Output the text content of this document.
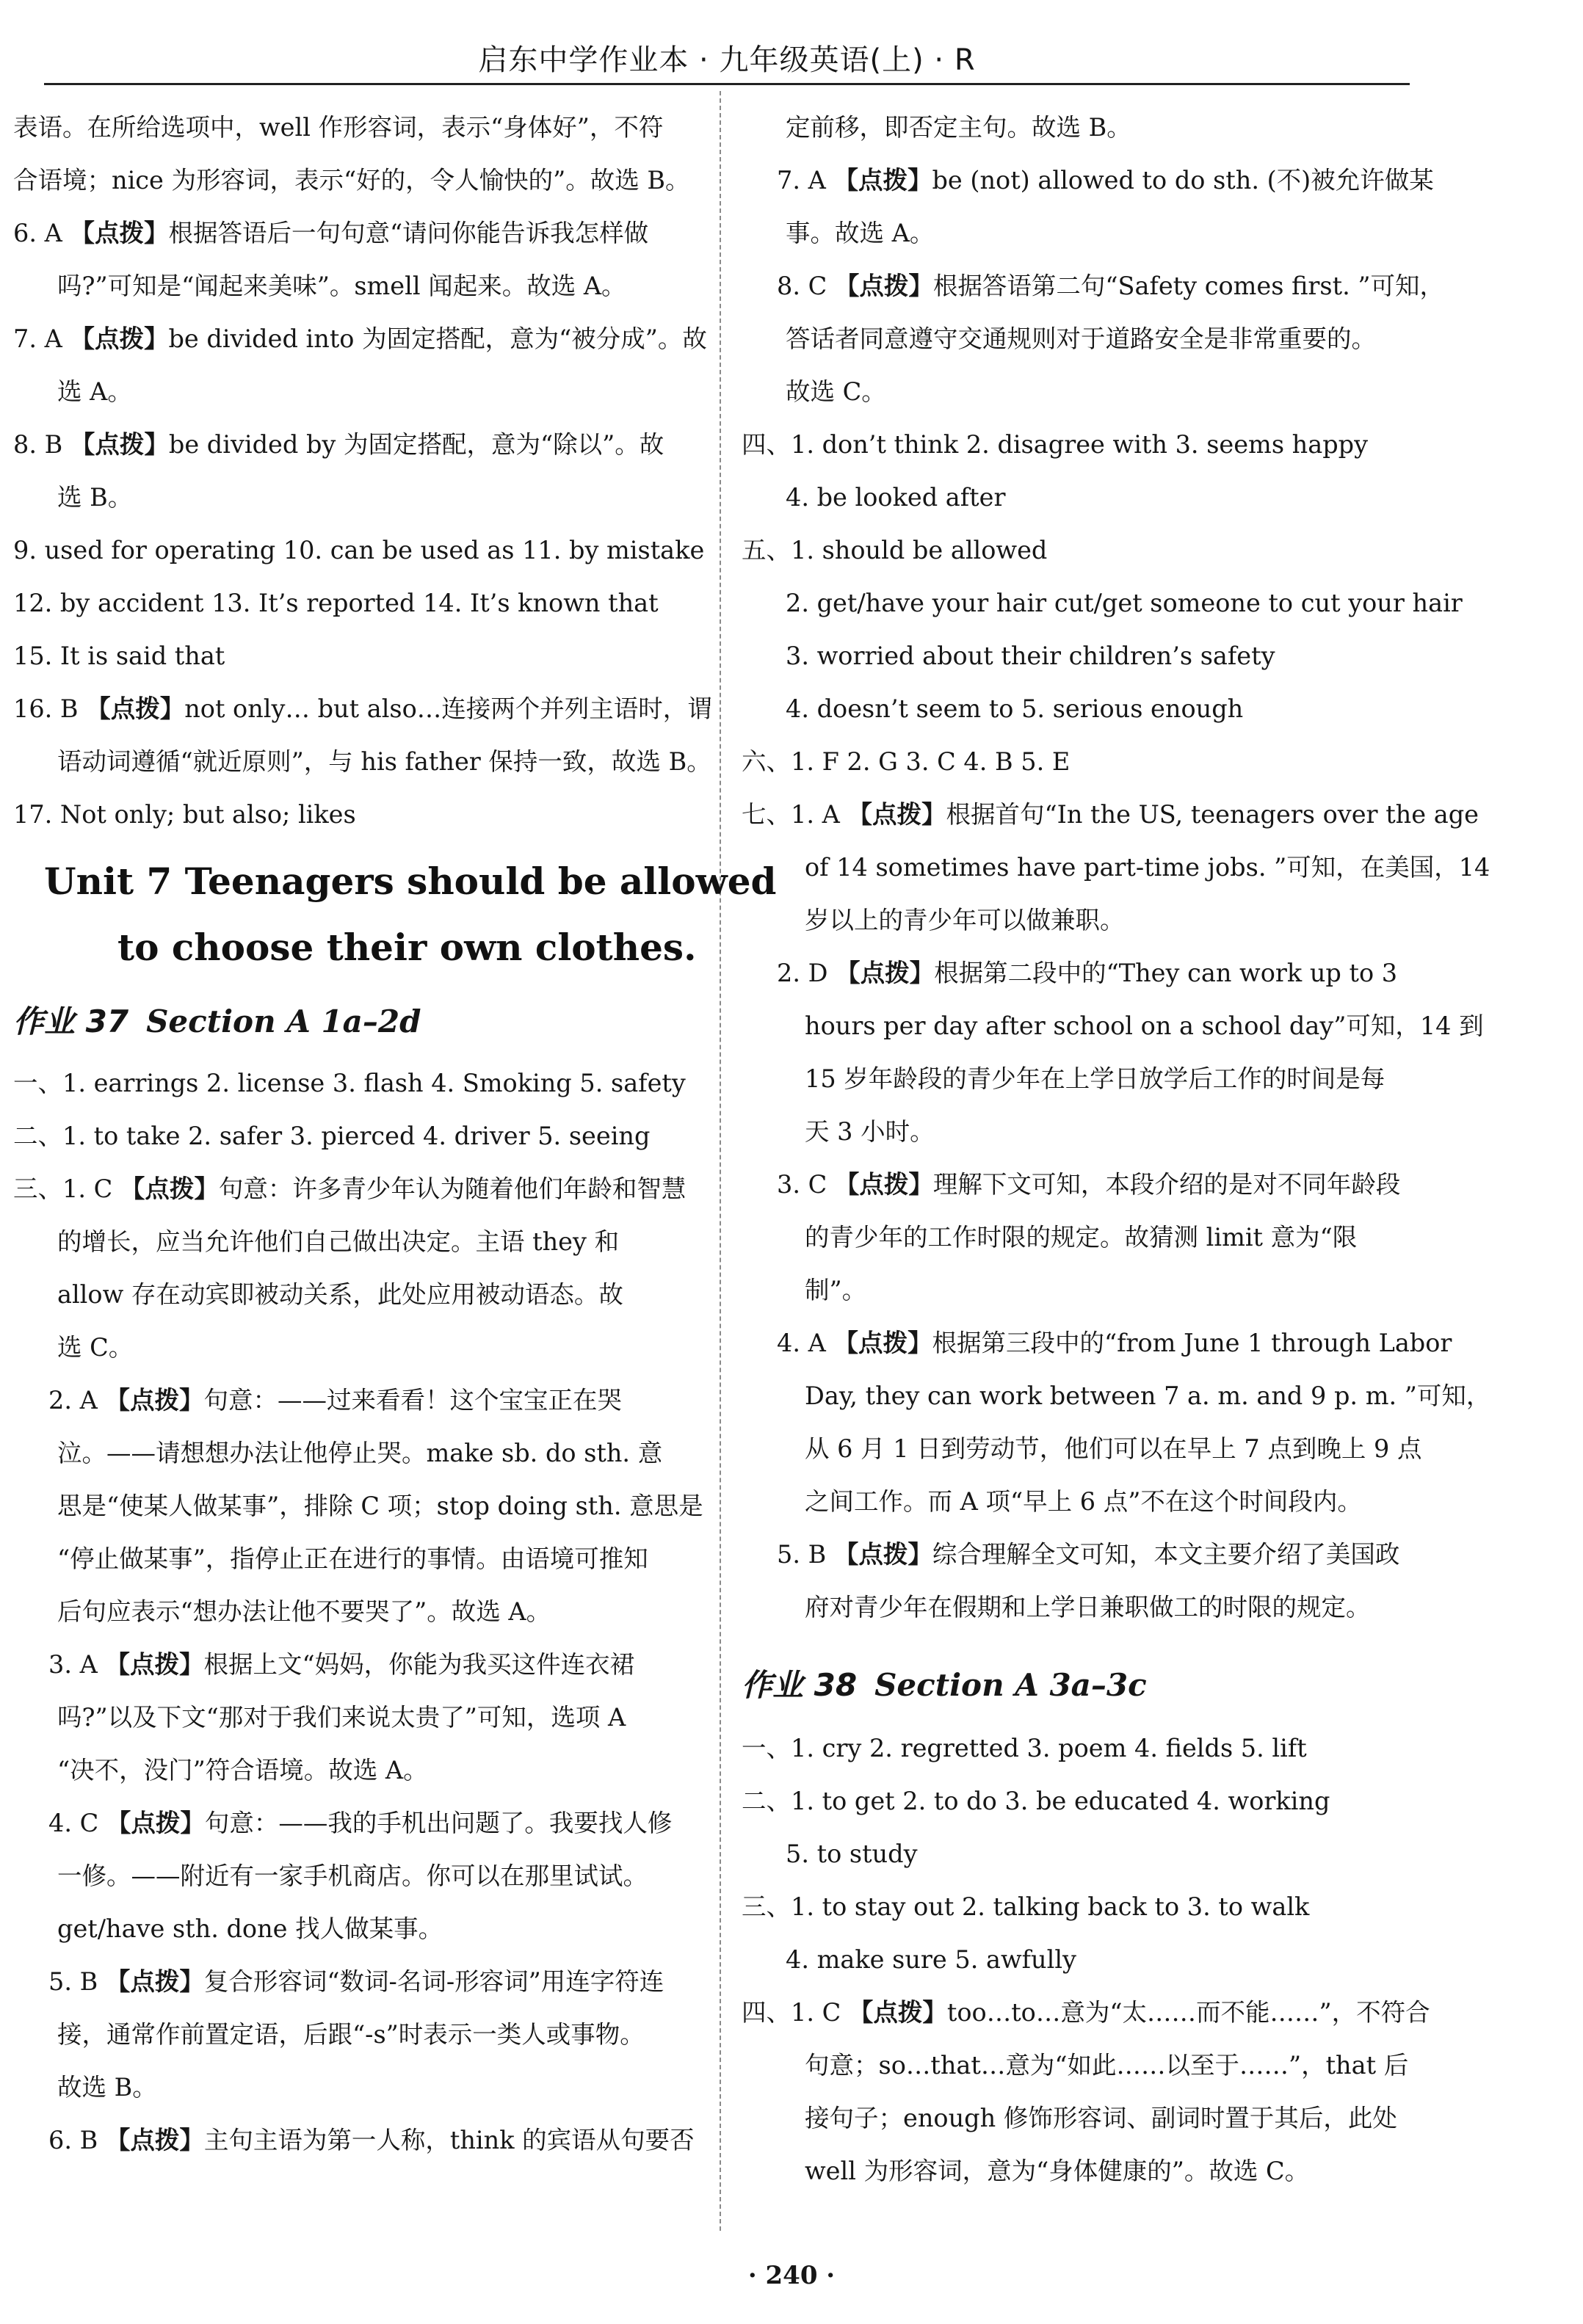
启东中学作业本 · 九年级英语(上) · R
表语。在所给选项中，well 作形容词，表示“身体好”，不符
合语境；nice 为形容词，表示“好的，令人愉快的”。故选 B。
6. A 【点拨】根据答语后一句句意“请问你能告诉我怎样做
吗?”可知是“闻起来美味”。smell 闻起来。故选 A。
7. A 【点拨】be divided into 为固定搭配，意为“被分成”。故
选 A。
8. B 【点拨】be divided by 为固定搭配，意为“除以”。故
选 B。
9. used for operating 10. can be used as 11. by mistake
12. by accident 13. It’s reported 14. It’s known that
15. It is said that
16. B 【点拨】not only… but also…连接两个并列主语时，谓
语动词遵循“就近原则”，与 his father 保持一致，故选 B。
17. Not only; but also; likes
Unit 7 Teenagers should be allowed
to choose their own clothes.
作业 37 Section A 1a–2d
一、1. earrings 2. license 3. flash 4. Smoking 5. safety
二、1. to take 2. safer 3. pierced 4. driver 5. seeing
三、1. C 【点拨】句意：许多青少年认为随着他们年龄和智慧
的增长，应当允许他们自己做出决定。主语 they 和
allow 存在动宾即被动关系，此处应用被动语态。故
选 C。
2. A 【点拨】句意：——过来看看！这个宝宝正在哭
泣。——请想想办法让他停止哭。make sb. do sth. 意
思是“使某人做某事”，排除 C 项；stop doing sth. 意思是
“停止做某事”，指停止正在进行的事情。由语境可推知
后句应表示“想办法让他不要哭了”。故选 A。
3. A 【点拨】根据上文“妈妈，你能为我买这件连衣裙
吗?”以及下文“那对于我们来说太贵了”可知，选项 A
“决不，没门”符合语境。故选 A。
4. C 【点拨】句意：——我的手机出问题了。我要找人修
一修。——附近有一家手机商店。你可以在那里试试。
get/have sth. done 找人做某事。
5. B 【点拨】复合形容词“数词-名词-形容词”用连字符连
接，通常作前置定语，后跟“-s”时表示一类人或事物。
故选 B。
6. B 【点拨】主句主语为第一人称，think 的宾语从句要否
定前移，即否定主句。故选 B。
7. A 【点拨】be (not) allowed to do sth. (不)被允许做某
事。故选 A。
8. C 【点拨】根据答语第二句“Safety comes first. ”可知，
答话者同意遵守交通规则对于道路安全是非常重要的。
故选 C。
四、1. don’t think 2. disagree with 3. seems happy
4. be looked after
五、1. should be allowed
2. get/have your hair cut/get someone to cut your hair
3. worried about their children’s safety
4. doesn’t seem to 5. serious enough
六、1. F 2. G 3. C 4. B 5. E
七、1. A 【点拨】根据首句“In the US, teenagers over the age
of 14 sometimes have part-time jobs. ”可知，在美国，14
岁以上的青少年可以做兼职。
2. D 【点拨】根据第二段中的“They can work up to 3
hours per day after school on a school day”可知，14 到
15 岁年龄段的青少年在上学日放学后工作的时间是每
天 3 小时。
3. C 【点拨】理解下文可知，本段介绍的是对不同年龄段
的青少年的工作时限的规定。故猜测 limit 意为“限
制”。
4. A 【点拨】根据第三段中的“from June 1 through Labor
Day, they can work between 7 a. m. and 9 p. m. ”可知，
从 6 月 1 日到劳动节，他们可以在早上 7 点到晚上 9 点
之间工作。而 A 项“早上 6 点”不在这个时间段内。
5. B 【点拨】综合理解全文可知，本文主要介绍了美国政
府对青少年在假期和上学日兼职做工的时限的规定。
作业 38 Section A 3a–3c
一、1. cry 2. regretted 3. poem 4. fields 5. lift
二、1. to get 2. to do 3. be educated 4. working
5. to study
三、1. to stay out 2. talking back to 3. to walk
4. make sure 5. awfully
四、1. C 【点拨】too…to…意为“太……而不能……”，不符合
句意；so…that…意为“如此……以至于……”，that 后
接句子；enough 修饰形容词、副词时置于其后，此处
well 为形容词，意为“身体健康的”。故选 C。
· 240 ·
